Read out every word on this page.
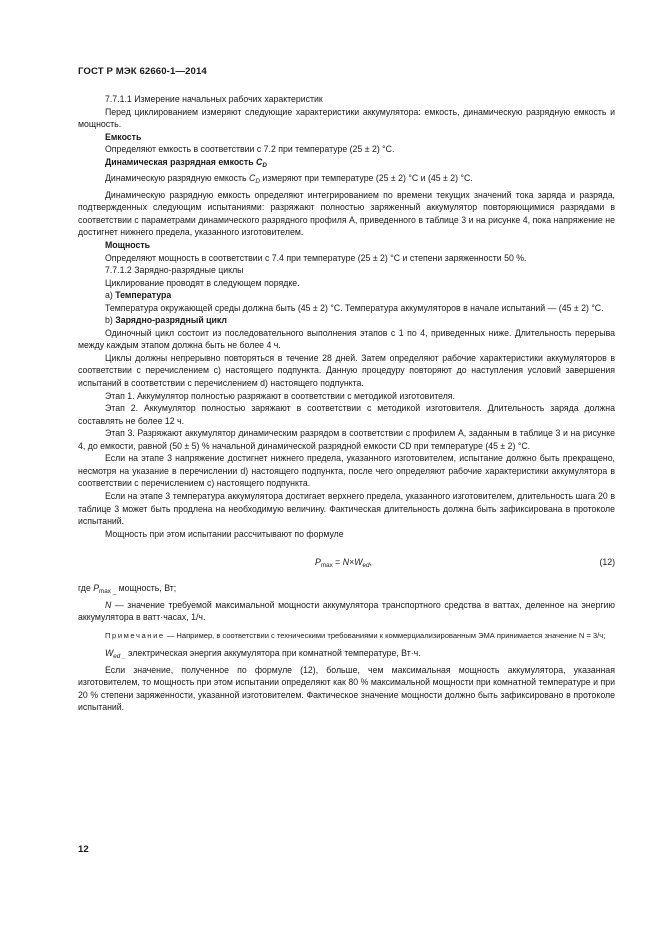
ГОСТ Р МЭК 62660-1—2014

7.7.1.1 Измерение начальных рабочих характеристик

Перед циклированием измеряют следующие характеристики аккумулятора: емкость, динамическую разрядную емкость и мощность.

Емкость

Определяют емкость в соответствии с 7.2 при температуре (25 ± 2) °С.

Динамическая разрядная емкость $C_D$

Динамическую разрядную емкость $C_D$ измеряют при температуре (25 ± 2) °С и (45 ± 2) °С.

Динамическую разрядную емкость определяют интегрированием по времени текущих значений тока заряда и разряда, подтвержденных следующим испытаниями: разряжают полностью заряженный аккумулятор повторяющимися разрядами в соответствии с параметрами динамического разрядного профиля А, приведенного в таблице 3 и на рисунке 4, пока напряжение не достигнет нижнего предела, указанного изготовителем.

Мощность

Определяют мощность в соответствии с 7.4 при температуре (25 ± 2) °С и степени заряженности 50 %.

7.7.1.2 Зарядно-разрядные циклы

Циклирование проводят в следующем порядке.

а) Температура

Температура окружающей среды должна быть (45 ± 2) °С. Температура аккумуляторов в начале испытаний — (45 ± 2) °С.

b) Зарядно-разрядный цикл

Одиночный цикл состоит из последовательного выполнения этапов с 1 по 4, приведенных ниже. Длительность перерыва между каждым этапом должна быть не более 4 ч.

Циклы должны непрерывно повторяться в течение 28 дней. Затем определяют рабочие характеристики аккумуляторов в соответствии с перечислением с) настоящего подпункта. Данную процедуру повторяют до наступления условий завершения испытаний в соответствии с перечислением d) настоящего подпункта.

Этап 1. Аккумулятор полностью разряжают в соответствии с методикой изготовителя.

Этап 2. Аккумулятор полностью заряжают в соответствии с методикой изготовителя. Длительность заряда должна составлять не более 12 ч.

Этап 3. Разряжают аккумулятор динамическим разрядом в соответствии с профилем А, заданным в таблице 3 и на рисунке 4, до емкости, равной (50 ± 5) % начальной динамической разрядной емкости CD при температуре (45 ± 2) °С.

Если на этапе 3 напряжение достигнет нижнего предела, указанного изготовителем, испытание должно быть прекращено, несмотря на указание в перечислении d) настоящего подпункта, после чего определяют рабочие характеристики аккумулятора в соответствии с перечислением с) настоящего подпункта.

Если на этапе 3 температура аккумулятора достигает верхнего предела, указанного изготовителем, длительность шага 20 в таблице 3 может быть продлена на необходимую величину. Фактическая длительность должна быть зафиксирована в протоколе испытаний.

Мощность при этом испытании рассчитывают по формуле

$P_{max} = N\times W_{ed}$,	(12)

где $P_{max \_}$ мощность, Вт;

N — значение требуемой максимальной мощности аккумулятора транспортного средства в ваттах, деленное на энергию аккумулятора в ватт·часах, 1/ч.

Примечание — Например, в соответствии с техническими требованиями к коммерциализированным ЭМА принимается значение N = 3/ч;

$W_{ed \_}$ электрическая энергия аккумулятора при комнатной температуре, Вт·ч.

Если значение, полученное по формуле (12), больше, чем максимальная мощность аккумулятора, указанная изготовителем, то мощность при этом испытании определяют как 80 % максимальной мощности при комнатной температуре и при 20 % степени заряженности, указанной изготовителем. Фактическое значение мощности должно быть зафиксировано в протоколе испытаний.

12
